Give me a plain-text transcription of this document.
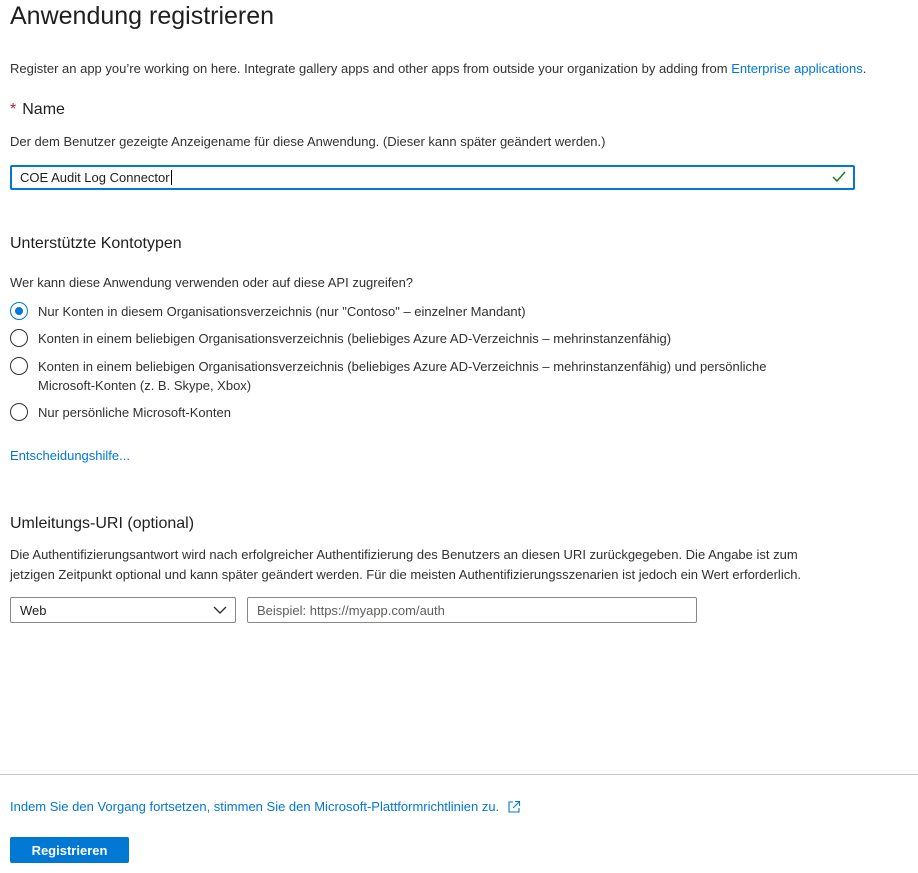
Anwendung registrieren
Register an app you’re working on here. Integrate gallery apps and other apps from outside your organization by adding from Enterprise applications.
* Name
Der dem Benutzer gezeigte Anzeigename für diese Anwendung. (Dieser kann später geändert werden.)
COE Audit Log Connector
Unterstützte Kontotypen
Wer kann diese Anwendung verwenden oder auf diese API zugreifen?
Nur Konten in diesem Organisationsverzeichnis (nur "Contoso" – einzelner Mandant)
Konten in einem beliebigen Organisationsverzeichnis (beliebiges Azure AD-Verzeichnis – mehrinstanzenfähig)
Konten in einem beliebigen Organisationsverzeichnis (beliebiges Azure AD-Verzeichnis – mehrinstanzenfähig) und persönliche
Microsoft-Konten (z. B. Skype, Xbox)
Nur persönliche Microsoft-Konten
Entscheidungshilfe...
Umleitungs-URI (optional)
Die Authentifizierungsantwort wird nach erfolgreicher Authentifizierung des Benutzers an diesen URI zurückgegeben. Die Angabe ist zum
jetzigen Zeitpunkt optional und kann später geändert werden. Für die meisten Authentifizierungsszenarien ist jedoch ein Wert erforderlich.
Web
Beispiel: https://myapp.com/auth
Indem Sie den Vorgang fortsetzen, stimmen Sie den Microsoft-Plattformrichtlinien zu.
Registrieren
